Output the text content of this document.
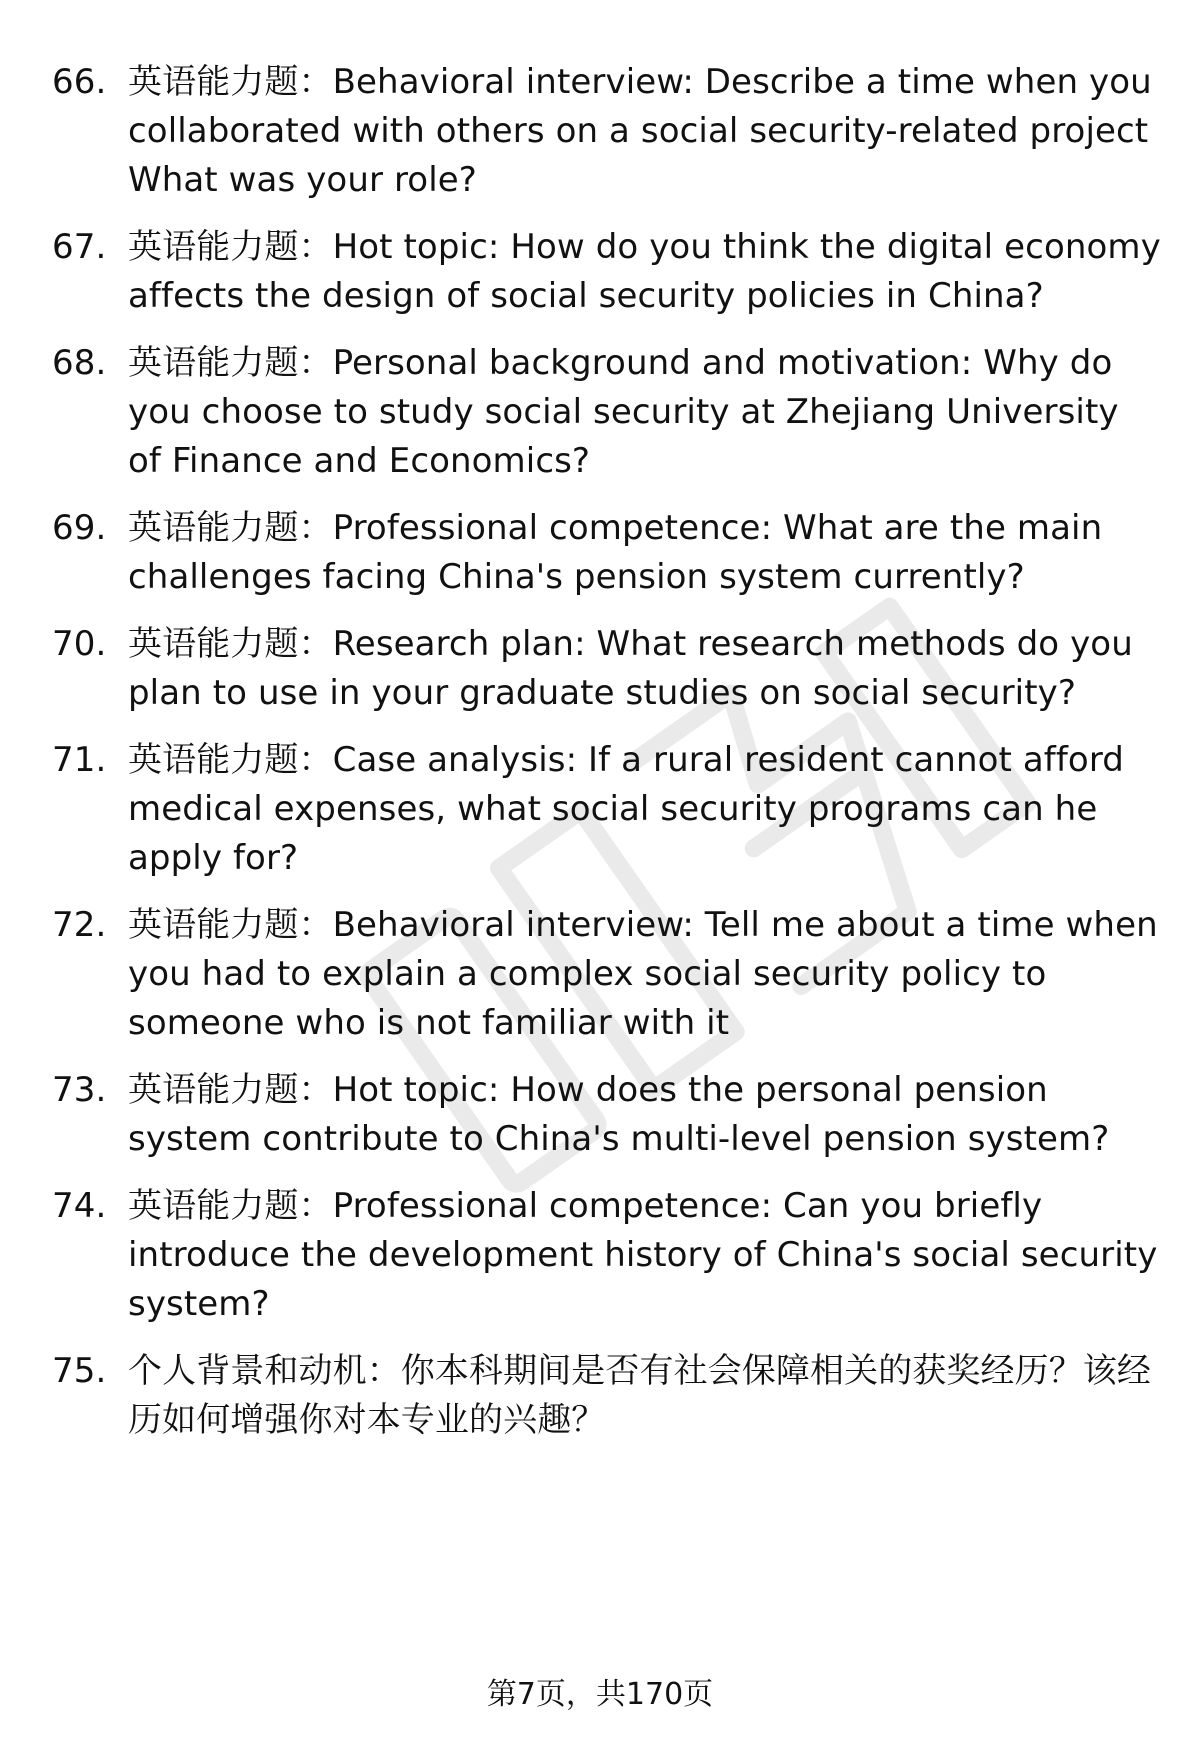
66. 英语能力题：Behavioral interview: Describe a time when you collaborated with others on a social security-related project What was your role?
67. 英语能力题：Hot topic: How do you think the digital economy affects the design of social security policies in China?
68. 英语能力题：Personal background and motivation: Why do you choose to study social security at Zhejiang University of Finance and Economics?
69. 英语能力题：Professional competence: What are the main challenges facing China's pension system currently?
70. 英语能力题：Research plan: What research methods do you plan to use in your graduate studies on social security?
71. 英语能力题：Case analysis: If a rural resident cannot afford medical expenses, what social security programs can he apply for?
72. 英语能力题：Behavioral interview: Tell me about a time when you had to explain a complex social security policy to someone who is not familiar with it
73. 英语能力题：Hot topic: How does the personal pension system contribute to China's multi-level pension system?
74. 英语能力题：Professional competence: Can you briefly introduce the development history of China's social security system?
75. 个人背景和动机：你本科期间是否有社会保障相关的获奖经历？该经历如何增强你对本专业的兴趣？
第7页，共170页
